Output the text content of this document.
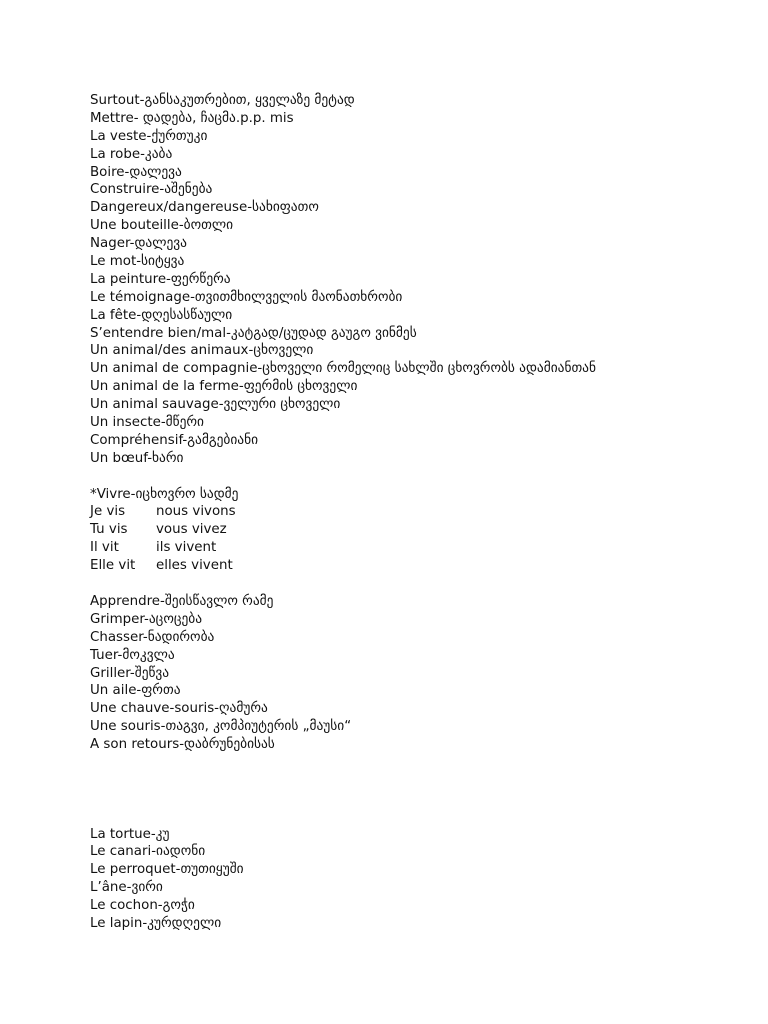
Surtout-განსაკუთრებით, ყველაზე მეტად
Mettre- დადება, ჩაცმა.p.p. mis
La veste-ქურთუკი
La robe-კაბა
Boire-დალევა
Construire-აშენება
Dangereux/dangereuse-სახიფათო
Une bouteille-ბოთლი
Nager-დალევა
Le mot-სიტყვა
La peinture-ფერწერა
Le témoignage-თვითმხილველის მაონათხრობი
La fête-დღესასწაული
S’entendre bien/mal-კატგად/ცუდად გაუგო ვინმეს
Un animal/des animaux-ცხოველი
Un animal de compagnie-ცხოველი რომელიც სახლში ცხოვრობს ადამიანთან
Un animal de la ferme-ფერმის ცხოველი
Un animal sauvage-ველური ცხოველი
Un insecte-მწერი
Compréhensif-გამგებიანი
Un bœuf-ხარი
*Vivre-იცხოვრო სადმე
Je vis	nous vivons
Tu vis	vous vivez
Il vit	ils vivent
Elle vit	elles vivent
Apprendre-შეისწავლო რამე
Grimper-აცოცება
Chasser-ნადირობა
Tuer-მოკვლა
Griller-შეწვა
Un aile-ფრთა
Une chauve-souris-ღამურა
Une souris-თაგვი, კომპიუტერის „მაუსი“
A son retours-დაბრუნებისას
La tortue-კუ
Le canari-იადონი
Le perroquet-თუთიყუში
L’âne-ვირი
Le cochon-გოჭი
Le lapin-კურდღელი
